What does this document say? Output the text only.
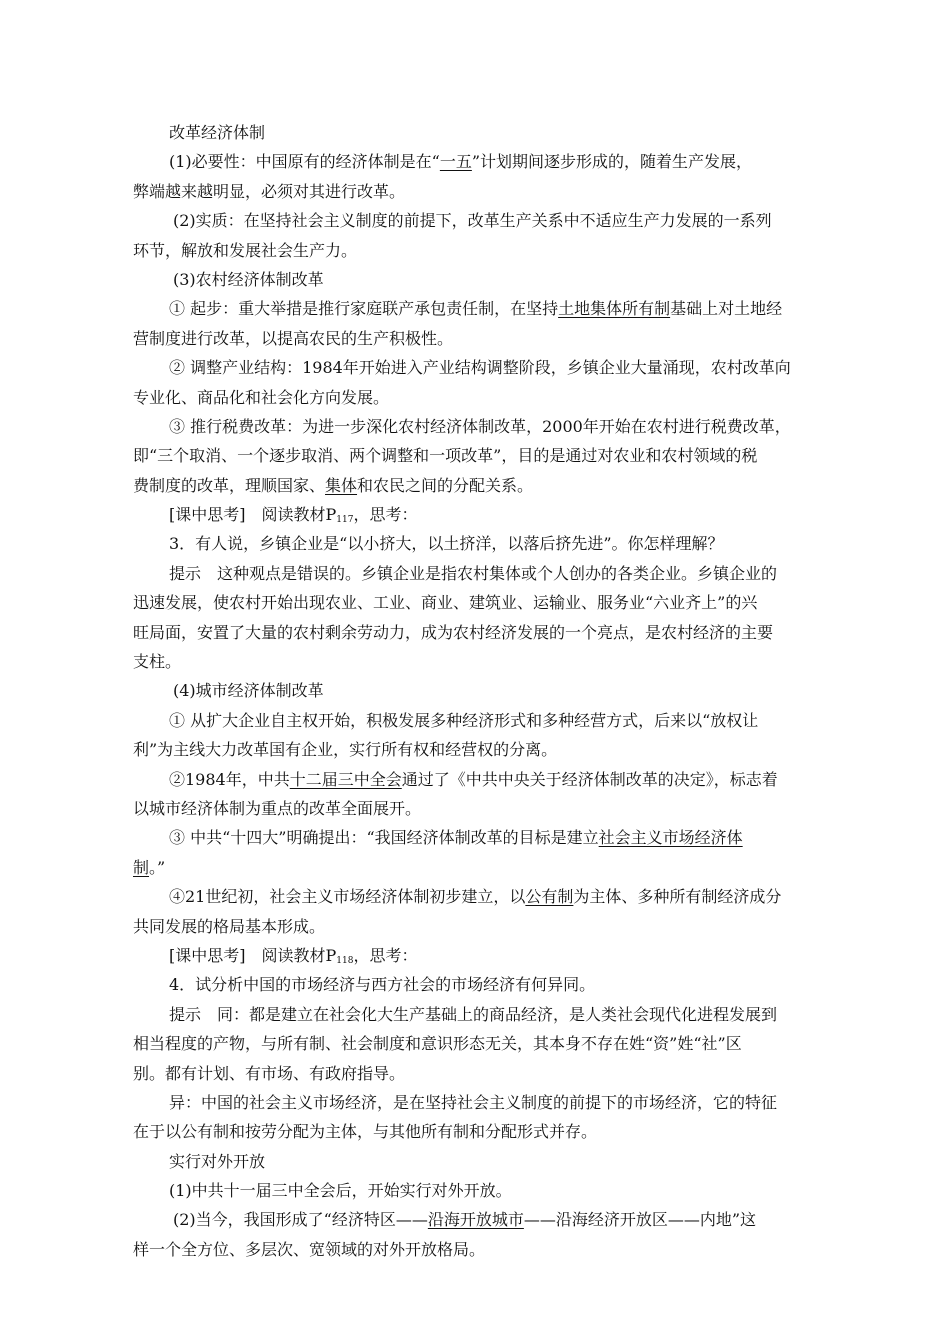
改革经济体制
(1)必要性：中国原有的经济体制是在“一五”计划期间逐步形成的，随着生产发展，
弊端越来越明显，必须对其进行改革。
(2)实质：在坚持社会主义制度的前提下，改革生产关系中不适应生产力发展的一系列
环节，解放和发展社会生产力。
(3)农村经济体制改革
① 起步：重大举措是推行家庭联产承包责任制，在坚持土地集体所有制基础上对土地经
营制度进行改革，以提高农民的生产积极性。
② 调整产业结构：1984年开始进入产业结构调整阶段，乡镇企业大量涌现，农村改革向
专业化、商品化和社会化方向发展。
③ 推行税费改革：为进一步深化农村经济体制改革，2000年开始在农村进行税费改革，
即“三个取消、一个逐步取消、两个调整和一项改革”，目的是通过对农业和农村领域的税
费制度的改革，理顺国家、集体和农民之间的分配关系。
[课中思考]　阅读教材$P_{117}$，思考：
3．有人说，乡镇企业是“以小挤大，以土挤洋，以落后挤先进”。你怎样理解？
提示　这种观点是错误的。乡镇企业是指农村集体或个人创办的各类企业。乡镇企业的
迅速发展，使农村开始出现农业、工业、商业、建筑业、运输业、服务业“六业齐上”的兴
旺局面，安置了大量的农村剩余劳动力，成为农村经济发展的一个亮点，是农村经济的主要
支柱。
(4)城市经济体制改革
① 从扩大企业自主权开始，积极发展多种经济形式和多种经营方式，后来以“放权让
利”为主线大力改革国有企业，实行所有权和经营权的分离。
②1984年，中共十二届三中全会通过了《中共中央关于经济体制改革的决定》，标志着
以城市经济体制为重点的改革全面展开。
③ 中共“十四大”明确提出：“我国经济体制改革的目标是建立社会主义市场经济体
制。”
④21世纪初，社会主义市场经济体制初步建立，以公有制为主体、多种所有制经济成分
共同发展的格局基本形成。
[课中思考]　阅读教材$P_{118}$，思考：
4．试分析中国的市场经济与西方社会的市场经济有何异同。
提示　同：都是建立在社会化大生产基础上的商品经济，是人类社会现代化进程发展到
相当程度的产物，与所有制、社会制度和意识形态无关，其本身不存在姓“资”姓“社”区
别。都有计划、有市场、有政府指导。
异：中国的社会主义市场经济，是在坚持社会主义制度的前提下的市场经济，它的特征
在于以公有制和按劳分配为主体，与其他所有制和分配形式并存。
实行对外开放
(1)中共十一届三中全会后，开始实行对外开放。
(2)当今，我国形成了“经济特区——沿海开放城市——沿海经济开放区——内地”这
样一个全方位、多层次、宽领域的对外开放格局。
